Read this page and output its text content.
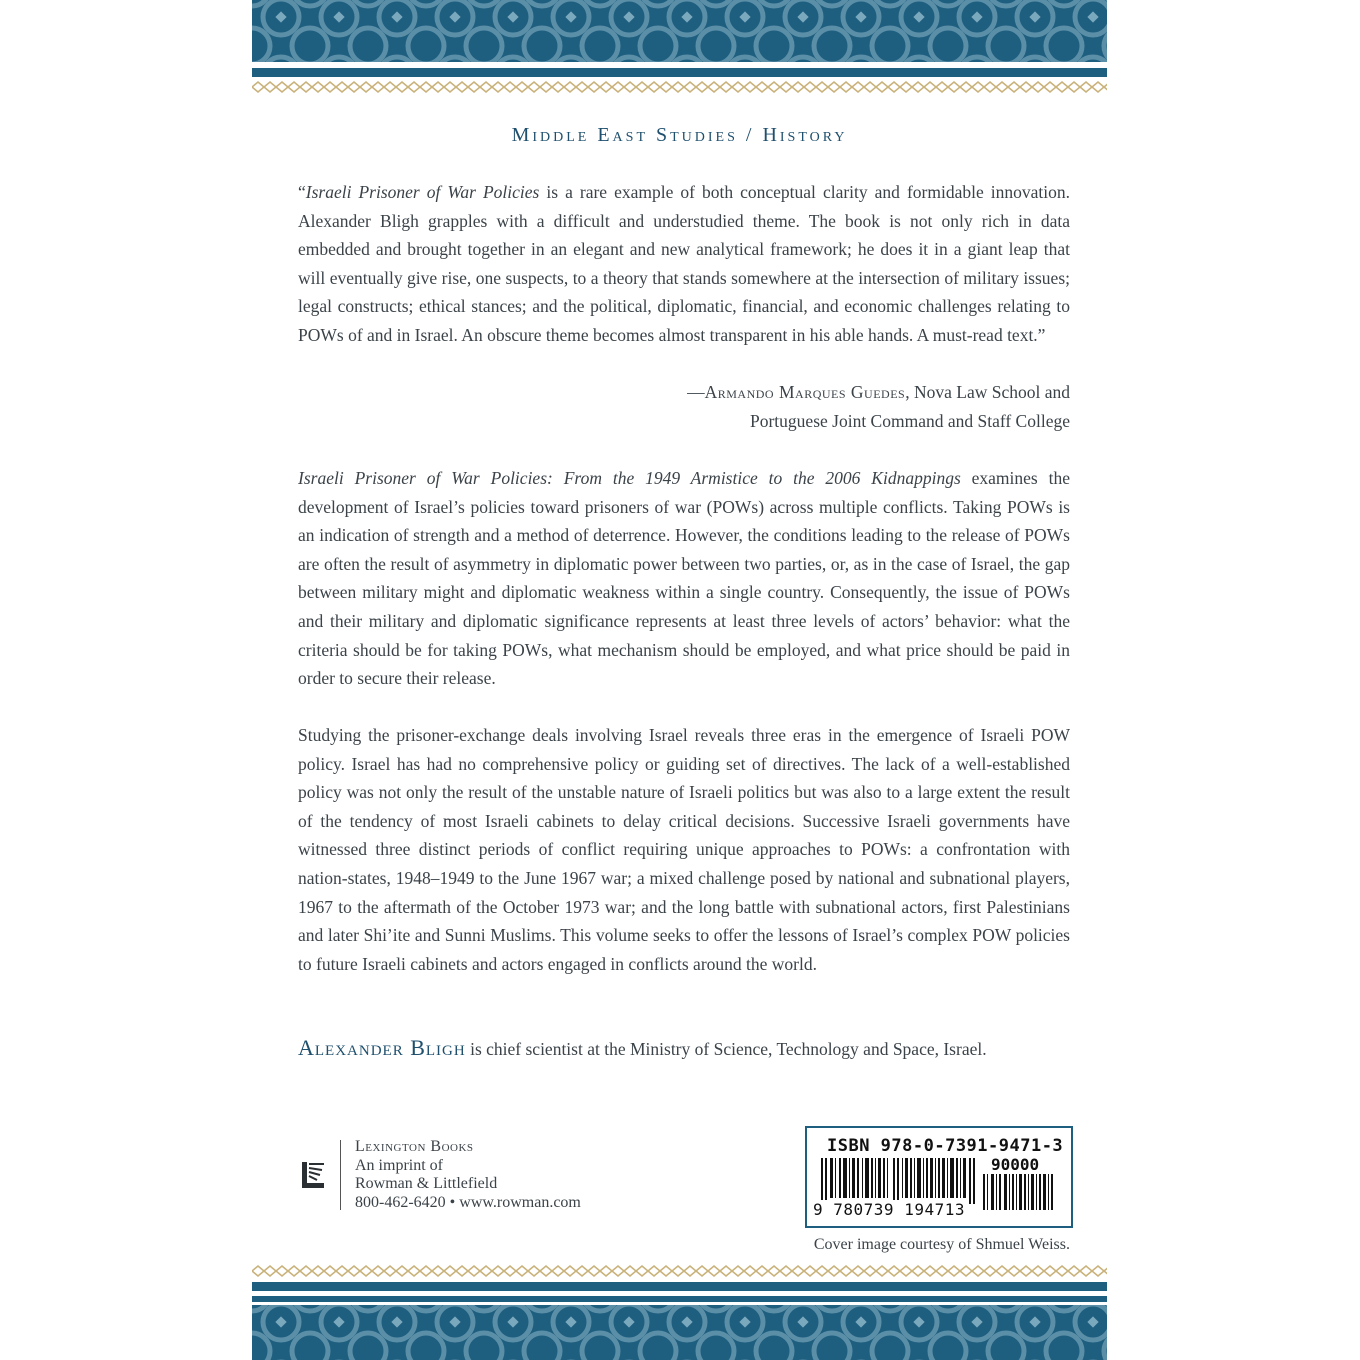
Middle East Studies / History
“Israeli Prisoner of War Policies is a rare example of both conceptual clarity and formidable innovation. Alexander Bligh grapples with a difficult and understudied theme. The book is not only rich in data embedded and brought together in an elegant and new analytical framework; he does it in a giant leap that will eventually give rise, one suspects, to a theory that stands somewhere at the intersection of military issues; legal constructs; ethical stances; and the political, diplomatic, financial, and economic challenges relating to POWs of and in Israel. An obscure theme becomes almost transparent in his able hands. A must-read text.”
—Armando Marques Guedes, Nova Law School and
Portuguese Joint Command and Staff College
Israeli Prisoner of War Policies: From the 1949 Armistice to the 2006 Kidnappings examines the development of Israel’s policies toward prisoners of war (POWs) across multiple conflicts. Taking POWs is an indication of strength and a method of deterrence. However, the conditions leading to the release of POWs are often the result of asymmetry in diplomatic power between two parties, or, as in the case of Israel, the gap between military might and diplomatic weakness within a single country. Consequently, the issue of POWs and their military and diplomatic significance represents at least three levels of actors’ behavior: what the criteria should be for taking POWs, what mechanism should be employed, and what price should be paid in order to secure their release.
Studying the prisoner-exchange deals involving Israel reveals three eras in the emergence of Israeli POW policy. Israel has had no comprehensive policy or guiding set of directives. The lack of a well-established policy was not only the result of the unstable nature of Israeli politics but was also to a large extent the result of the tendency of most Israeli cabinets to delay critical decisions. Successive Israeli governments have witnessed three distinct periods of conflict requiring unique approaches to POWs: a confrontation with nation-states, 1948–1949 to the June 1967 war; a mixed challenge posed by national and subnational players, 1967 to the aftermath of the October 1973 war; and the long battle with subnational actors, first Palestinians and later Shi’ite and Sunni Muslims. This volume seeks to offer the lessons of Israel’s complex POW policies to future Israeli cabinets and actors engaged in conflicts around the world.
Alexander Bligh is chief scientist at the Ministry of Science, Technology and Space, Israel.
Lexington Books
An imprint of
Rowman & Littlefield
800-462-6420 • www.rowman.com
ISBN 978-0-7391-9471-3
90000
9 780739 194713
Cover image courtesy of Shmuel Weiss.
